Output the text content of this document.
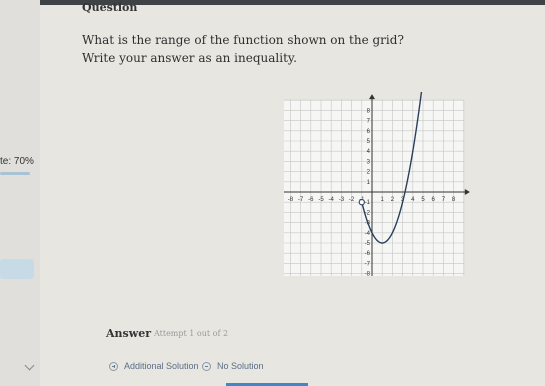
Question
te: 70%
What is the range of the function shown on the grid?
Write your answer as an inequality.
-8 -7 -6 -5 -4 -3 -2	1 2 3 4 5 6 7 8
8
7
6
5
4
3
2
1
-1
-2
-3
-4
-5
-6
-7
-8
Answer Attempt 1 out of 2
Additional Solution No Solution
